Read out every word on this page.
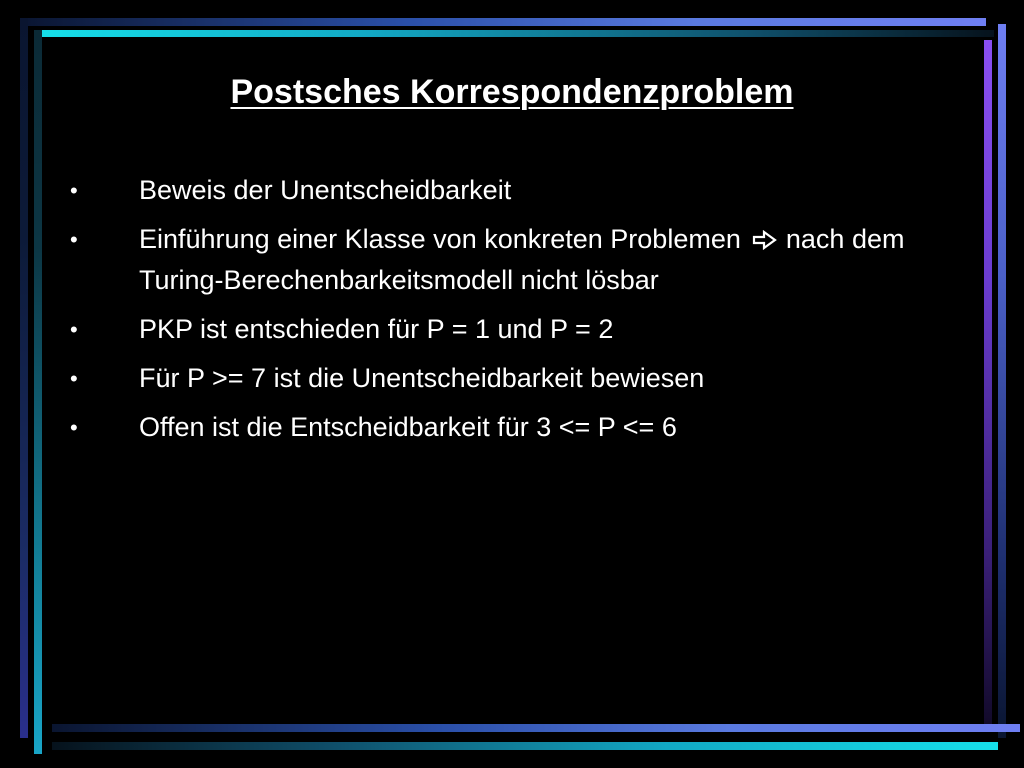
Postsches Korrespondenzproblem
•	Beweis der Unentscheidbarkeit
•	Einführung einer Klasse von konkreten Problemen nach dem Turing-Berechenbarkeitsmodell nicht lösbar
•	PKP ist entschieden für P = 1 und P = 2
•	Für P >= 7 ist die Unentscheidbarkeit bewiesen
•	Offen ist die Entscheidbarkeit für 3 <= P <= 6
